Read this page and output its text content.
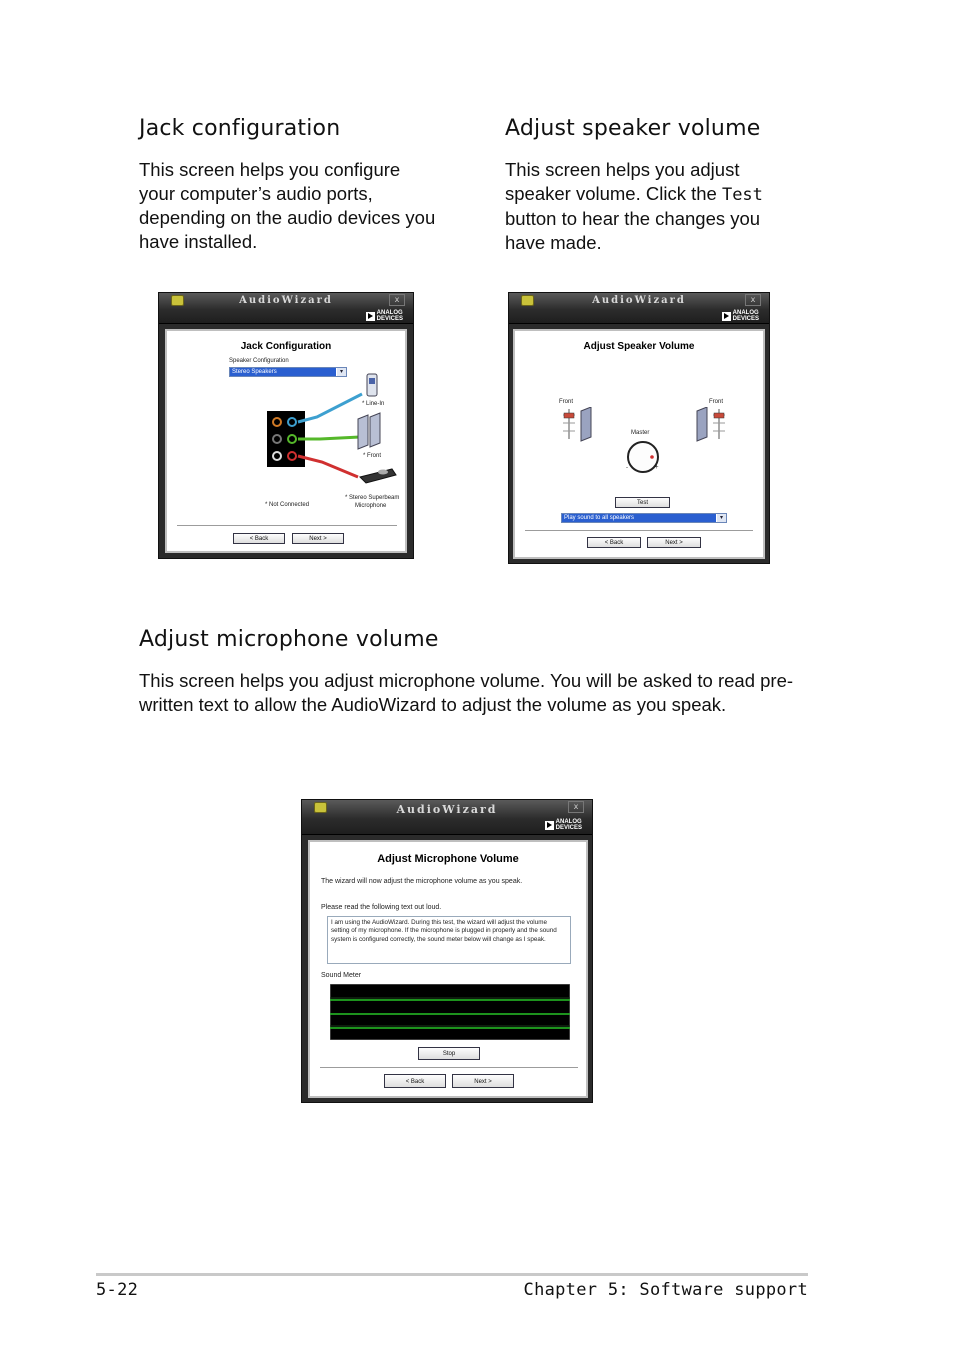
Jack configuration
This screen helps you configure your computer’s audio ports, depending on the audio devices you have installed.
Adjust speaker volume
This screen helps you adjust speaker volume. Click the Test button to hear the changes you have made.
AudioWizard	x
ANALOG
DEVICES
Jack Configuration
Speaker Configuration
Stereo Speakers	▾
* Line-In
* Front
* Not Connected
* Stereo Superbeam
Microphone
< Back	Next >
AudioWizard	x
ANALOG
DEVICES
Adjust Speaker Volume
Front	Front
Master
-	+
Test
Play sound to all speakers	▾
< Back	Next >
Adjust microphone volume
This screen helps you adjust microphone volume. You will be asked to read pre-written text to allow the AudioWizard to adjust the volume as you speak.
AudioWizard	x
ANALOG
DEVICES
Adjust Microphone Volume
The wizard will now adjust the microphone volume as you speak.
Please read the following text out loud.
I am using the AudioWizard. During this test, the wizard will adjust the volume setting of my microphone. If the microphone is plugged in properly and the sound system is configured correctly, the sound meter below will change as I speak.
Sound Meter
Stop
< Back	Next >
5-22	Chapter 5: Software support
